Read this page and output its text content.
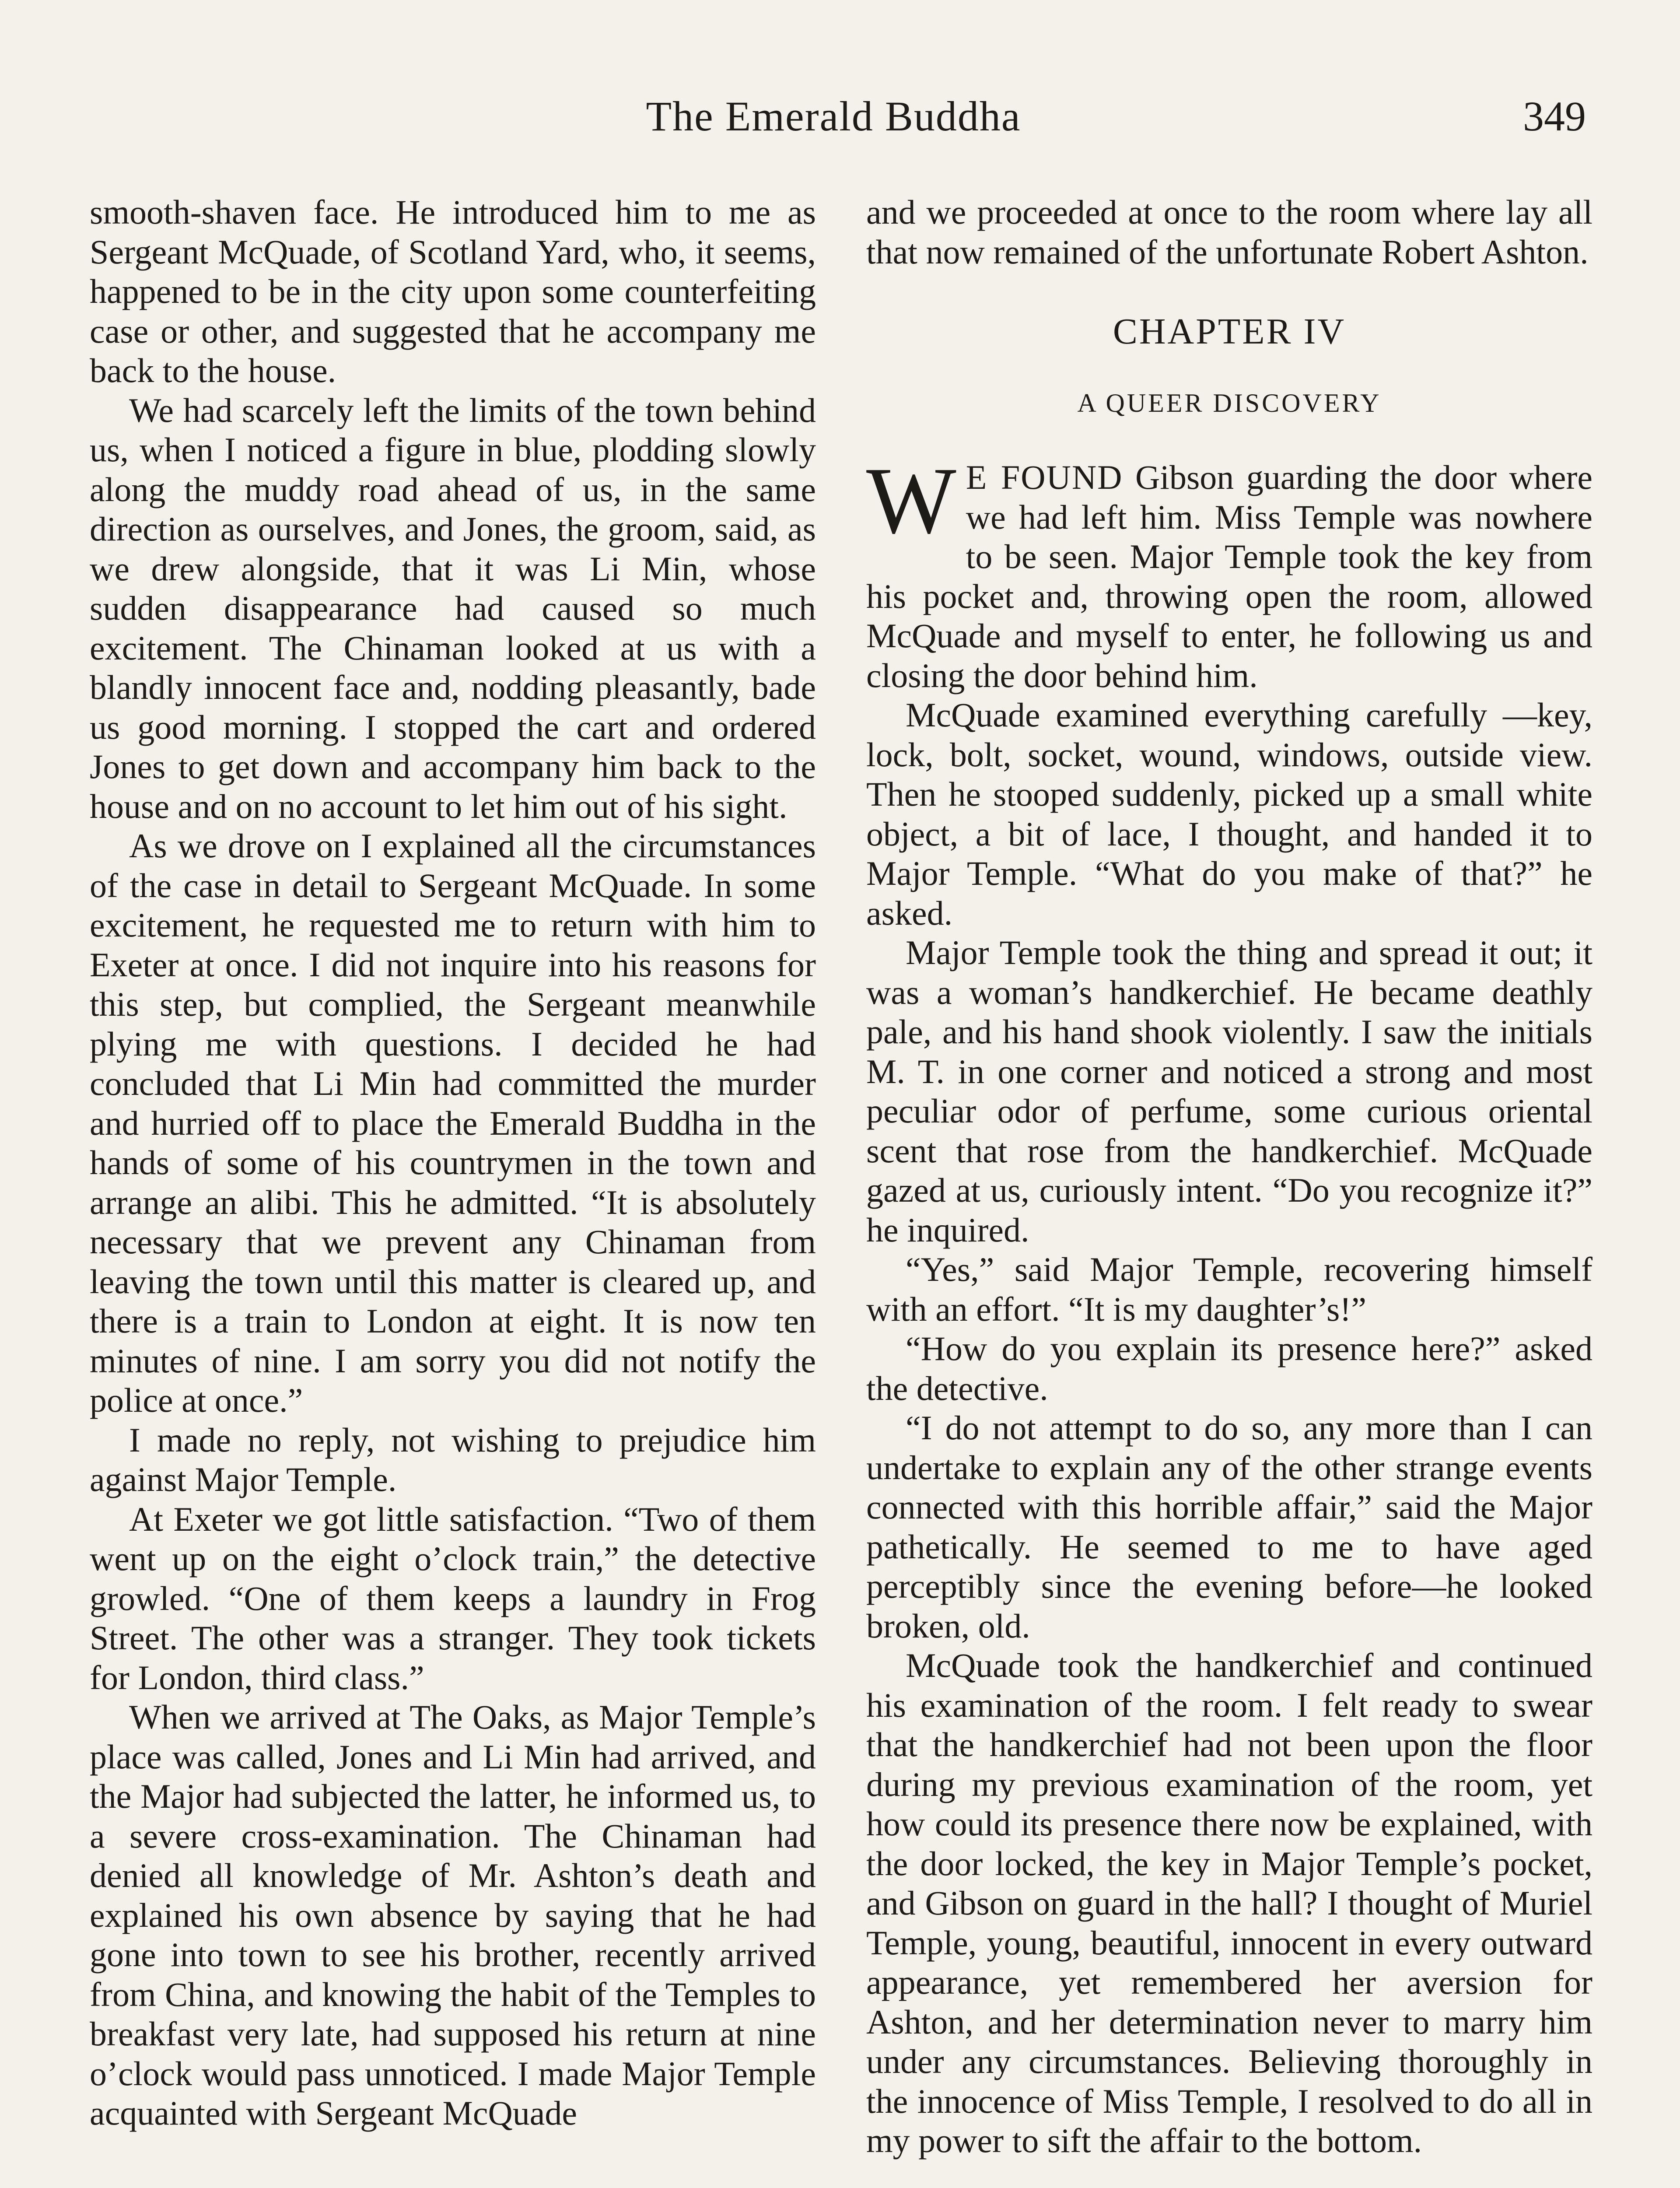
The Emerald Buddha	349

smooth-shaven face. He introduced him to me as Sergeant McQuade, of Scotland Yard, who, it seems, happened to be in the city upon some counterfeiting case or other, and suggested that he accompany me back to the house.

We had scarcely left the limits of the town behind us, when I noticed a figure in blue, plodding slowly along the muddy road ahead of us, in the same direction as ourselves, and Jones, the groom, said, as we drew alongside, that it was Li Min, whose sudden disappearance had caused so much excitement. The Chinaman looked at us with a blandly innocent face and, nodding pleasantly, bade us good morning. I stopped the cart and ordered Jones to get down and accompany him back to the house and on no account to let him out of his sight.

As we drove on I explained all the circumstances of the case in detail to Sergeant McQuade. In some excitement, he requested me to return with him to Exeter at once. I did not inquire into his reasons for this step, but complied, the Sergeant meanwhile plying me with questions. I decided he had concluded that Li Min had committed the murder and hurried off to place the Emerald Buddha in the hands of some of his countrymen in the town and arrange an alibi. This he admitted. “It is absolutely necessary that we prevent any Chinaman from leaving the town until this matter is cleared up, and there is a train to London at eight. It is now ten minutes of nine. I am sorry you did not notify the police at once.”

I made no reply, not wishing to prejudice him against Major Temple.

At Exeter we got little satisfaction. “Two of them went up on the eight o’clock train,” the detective growled. “One of them keeps a laundry in Frog Street. The other was a stranger. They took tickets for London, third class.”

When we arrived at The Oaks, as Major Temple’s place was called, Jones and Li Min had arrived, and the Major had subjected the latter, he informed us, to a severe cross-examination. The Chinaman had denied all knowledge of Mr. Ashton’s death and explained his own absence by saying that he had gone into town to see his brother, recently arrived from China, and knowing the habit of the Temples to breakfast very late, had supposed his return at nine o’clock would pass unnoticed. I made Major Temple acquainted with Sergeant McQuade

and we proceeded at once to the room where lay all that now remained of the unfortunate Robert Ashton.

CHAPTER IV
A QUEER DISCOVERY

W E FOUND Gibson guarding the door where we had left him. Miss Temple was nowhere to be seen. Major Temple took the key from his pocket and, throwing open the room, allowed McQuade and myself to enter, he following us and closing the door behind him.

McQuade examined everything carefully —key, lock, bolt, socket, wound, windows, outside view. Then he stooped suddenly, picked up a small white object, a bit of lace, I thought, and handed it to Major Temple. “What do you make of that?” he asked.

Major Temple took the thing and spread it out; it was a woman’s handkerchief. He became deathly pale, and his hand shook violently. I saw the initials M. T. in one corner and noticed a strong and most peculiar odor of perfume, some curious oriental scent that rose from the handkerchief. McQuade gazed at us, curiously intent. “Do you recognize it?” he inquired.

“Yes,” said Major Temple, recovering himself with an effort. “It is my daughter’s!”

“How do you explain its presence here?” asked the detective.

“I do not attempt to do so, any more than I can undertake to explain any of the other strange events connected with this horrible affair,” said the Major pathetically. He seemed to me to have aged perceptibly since the evening before—he looked broken, old.

McQuade took the handkerchief and continued his examination of the room. I felt ready to swear that the handkerchief had not been upon the floor during my previous examination of the room, yet how could its presence there now be explained, with the door locked, the key in Major Temple’s pocket, and Gibson on guard in the hall? I thought of Muriel Temple, young, beautiful, innocent in every outward appearance, yet remembered her aversion for Ashton, and her determination never to marry him under any circumstances. Believing thoroughly in the innocence of Miss Temple, I resolved to do all in my power to sift the affair to the bottom.
